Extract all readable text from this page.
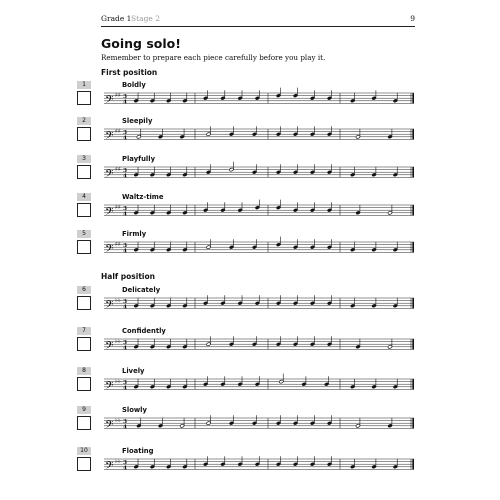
Grade 1 Stage 2	9
Going solo!
Remember to prepare each piece carefully before you play it.
First position
Half position
1	Boldly
𝄢 ♯♯ 3
4
2	Sleepily
𝄢 ♯♯ 3
4
3	Playfully
𝄢 ♯♯ 3
4
4	Waltz-time
𝄢 ♯♯ 3
4
5	Firmly
𝄢 ♯♯ 3
4
6	Delicately
𝄢 ♭♭ 3
4
7	Confidently
𝄢 ♭♭ 3
4
8	Lively
𝄢 ♭♭ 3
4
9	Slowly
𝄢 ♭♭ 3
4
10	Floating
𝄢 ♭♭ 3
4
